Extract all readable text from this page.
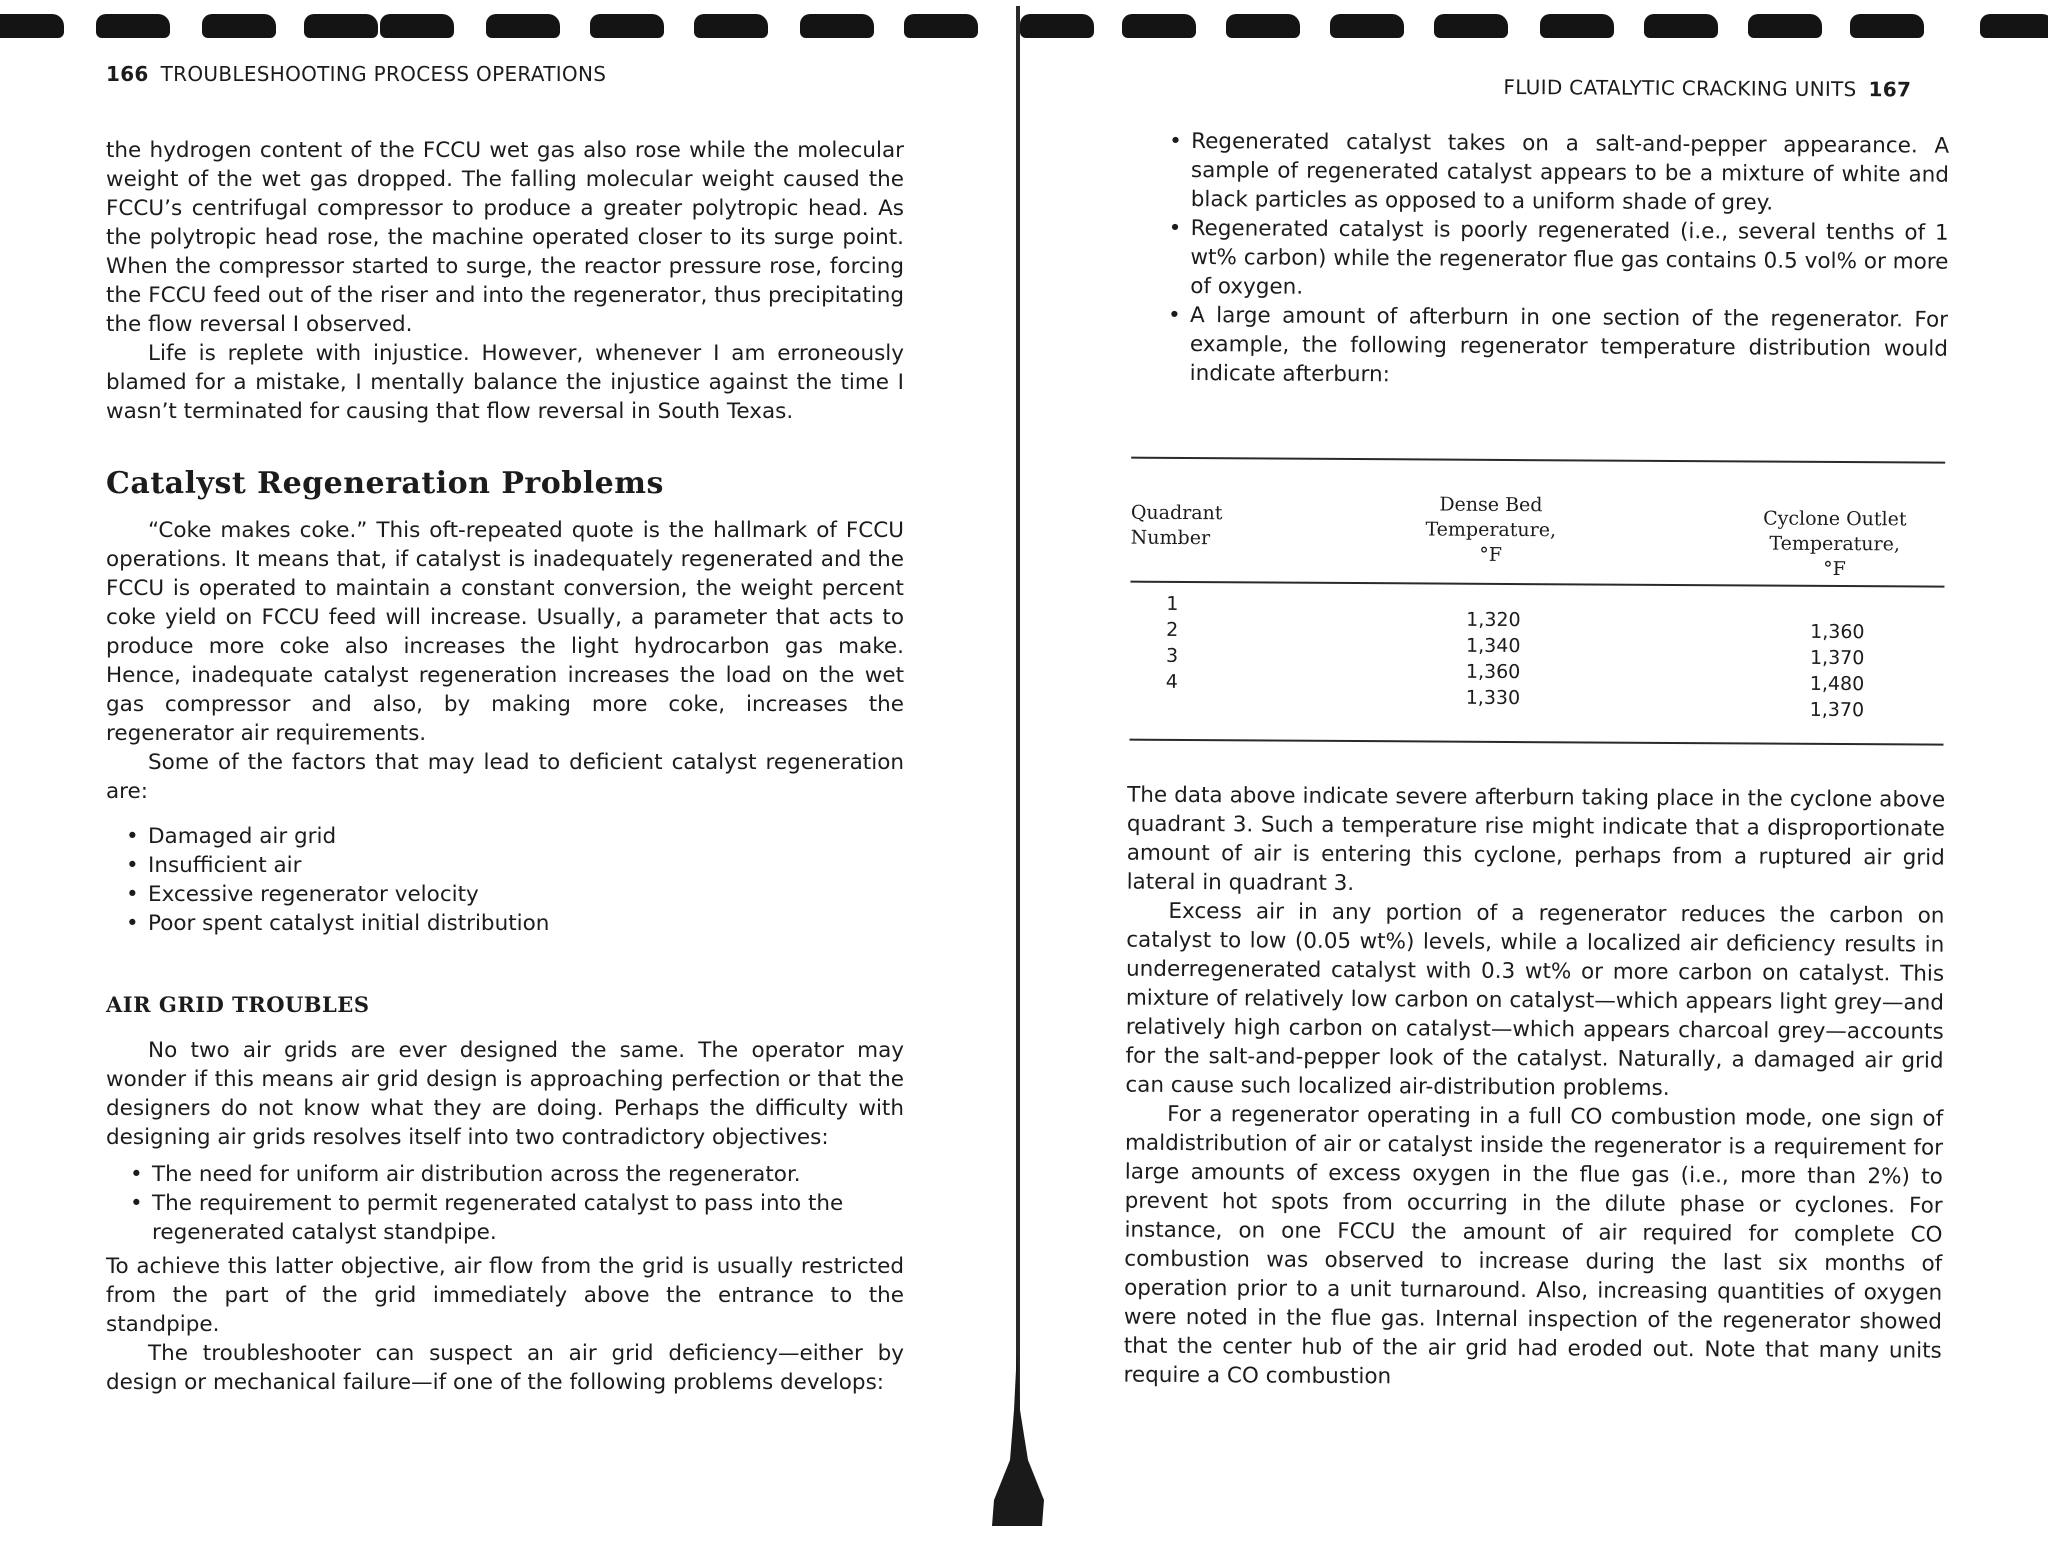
166 TROUBLESHOOTING PROCESS OPERATIONS

the hydrogen content of the FCCU wet gas also rose while the molecular weight of the wet gas dropped. The falling molecular weight caused the FCCU’s centrifugal compressor to produce a greater polytropic head. As the polytropic head rose, the machine operated closer to its surge point. When the compressor started to surge, the reactor pressure rose, forcing the FCCU feed out of the riser and into the regenerator, thus precipitating the flow reversal I observed.

Life is replete with injustice. However, whenever I am erroneously blamed for a mistake, I mentally balance the injustice against the time I wasn’t terminated for causing that flow reversal in South Texas.

Catalyst Regeneration Problems

“Coke makes coke.” This oft-repeated quote is the hallmark of FCCU operations. It means that, if catalyst is inadequately regenerated and the FCCU is operated to maintain a constant conversion, the weight percent coke yield on FCCU feed will increase. Usually, a parameter that acts to produce more coke also increases the light hydrocarbon gas make. Hence, inadequate catalyst regeneration increases the load on the wet gas compressor and also, by making more coke, increases the regenerator air requirements.

Some of the factors that may lead to deficient catalyst regeneration are:

• Damaged air grid
• Insufficient air
• Excessive regenerator velocity
• Poor spent catalyst initial distribution
AIR GRID TROUBLES

No two air grids are ever designed the same. The operator may wonder if this means air grid design is approaching perfection or that the designers do not know what they are doing. Perhaps the difficulty with designing air grids resolves itself into two contradictory objectives:

• The need for uniform air distribution across the regenerator.
• The requirement to permit regenerated catalyst to pass into the regenerated catalyst standpipe.

To achieve this latter objective, air flow from the grid is usually restricted from the part of the grid immediately above the entrance to the standpipe.

The troubleshooter can suspect an air grid deficiency—either by design or mechanical failure—if one of the following problems develops:

FLUID CATALYTIC CRACKING UNITS 167
• Regenerated catalyst takes on a salt-and-pepper appearance. A sample of regenerated catalyst appears to be a mixture of white and black particles as opposed to a uniform shade of grey.
• Regenerated catalyst is poorly regenerated (i.e., several tenths of 1 wt% carbon) while the regenerator flue gas contains 0.5 vol% or more of oxygen.
• A large amount of afterburn in one section of the regenerator. For example, the following regenerator temperature distribution would indicate afterburn:
Quadrant
Number
Dense Bed
Temperature,
°F
Cyclone Outlet
Temperature,
°F
1
2
3
4
1,320
1,340
1,360
1,330
1,360
1,370
1,480
1,370

The data above indicate severe afterburn taking place in the cyclone above quadrant 3. Such a temperature rise might indicate that a disproportionate amount of air is entering this cyclone, perhaps from a ruptured air grid lateral in quadrant 3.

Excess air in any portion of a regenerator reduces the carbon on catalyst to low (0.05 wt%) levels, while a localized air deficiency results in underregenerated catalyst with 0.3 wt% or more carbon on catalyst. This mixture of relatively low carbon on catalyst—which appears light grey—and relatively high carbon on catalyst—which appears charcoal grey—accounts for the salt-and-pepper look of the catalyst. Naturally, a damaged air grid can cause such localized air-distribution problems.

For a regenerator operating in a full CO combustion mode, one sign of maldistribution of air or catalyst inside the regenerator is a requirement for large amounts of excess oxygen in the flue gas (i.e., more than 2%) to prevent hot spots from occurring in the dilute phase or cyclones. For instance, on one FCCU the amount of air required for complete CO combustion was observed to increase during the last six months of operation prior to a unit turnaround. Also, increasing quantities of oxygen were noted in the flue gas. Internal inspection of the regenerator showed that the center hub of the air grid had eroded out. Note that many units require a CO combustion
